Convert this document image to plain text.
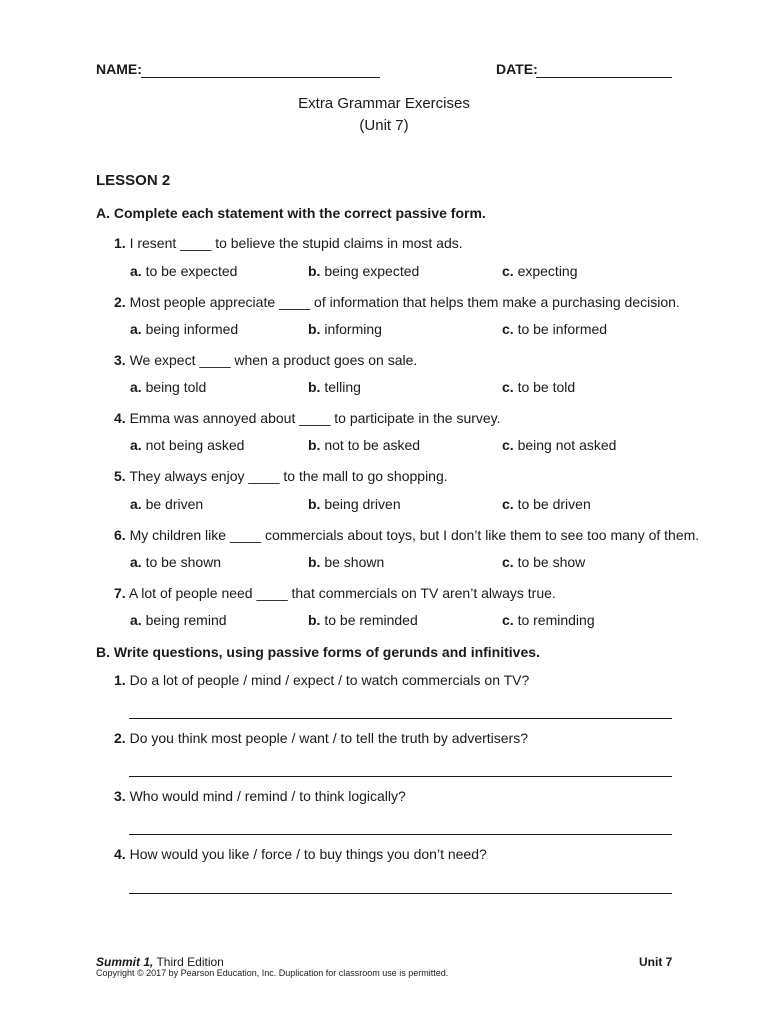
NAME:	DATE:
Extra Grammar Exercises
(Unit 7)
LESSON 2
A. Complete each statement with the correct passive form.
1. I resent ____ to believe the stupid claims in most ads.
a. to be expected	b. being expected	c. expecting
2. Most people appreciate ____ of information that helps them make a purchasing decision.
a. being informed	b. informing	c. to be informed
3. We expect ____ when a product goes on sale.
a. being told	b. telling	c. to be told
4. Emma was annoyed about ____ to participate in the survey.
a. not being asked	b. not to be asked	c. being not asked
5. They always enjoy ____ to the mall to go shopping.
a. be driven	b. being driven	c. to be driven
6. My children like ____ commercials about toys, but I don’t like them to see too many of them.
a. to be shown	b. be shown	c. to be show
7. A lot of people need ____ that commercials on TV aren’t always true.
a. being remind	b. to be reminded	c. to reminding
B. Write questions, using passive forms of gerunds and infinitives.
1. Do a lot of people / mind / expect / to watch commercials on TV?
2. Do you think most people / want / to tell the truth by advertisers?
3. Who would mind / remind / to think logically?
4. How would you like / force / to buy things you don’t need?
Summit 1, Third Edition	Unit 7
Copyright © 2017 by Pearson Education, Inc. Duplication for classroom use is permitted.
